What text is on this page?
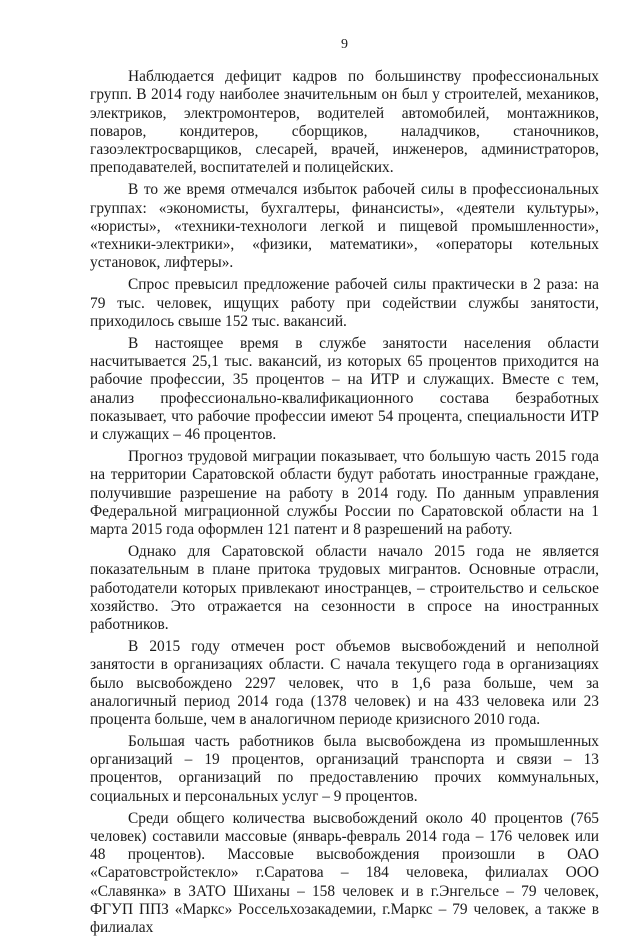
9

Наблюдается дефицит кадров по большинству профессиональных групп. В 2014 году наиболее значительным он был у строителей, механиков, электриков, электромонтеров, водителей автомобилей, монтажников, поваров, кондитеров, сборщиков, наладчиков, станочников, газоэлектросварщиков, слесарей, врачей, инженеров, администраторов, преподавателей, воспитателей и полицейских.

В то же время отмечался избыток рабочей силы в профессиональных группах: «экономисты, бухгалтеры, финансисты», «деятели культуры», «юристы», «техники-технологи легкой и пищевой промышленности», «техники-электрики», «физики, математики», «операторы котельных установок, лифтеры».

Спрос превысил предложение рабочей силы практически в 2 раза: на 79 тыс. человек, ищущих работу при содействии службы занятости, приходилось свыше 152 тыс. вакансий.

В настоящее время в службе занятости населения области насчитывается 25,1 тыс. вакансий, из которых 65 процентов приходится на рабочие профессии, 35 процентов – на ИТР и служащих. Вместе с тем, анализ профессионально-квалификационного состава безработных показывает, что рабочие профессии имеют 54 процента, специальности ИТР и служащих – 46 процентов.

Прогноз трудовой миграции показывает, что большую часть 2015 года на территории Саратовской области будут работать иностранные граждане, получившие разрешение на работу в 2014 году. По данным управления Федеральной миграционной службы России по Саратовской области на 1 марта 2015 года оформлен 121 патент и 8 разрешений на работу.

Однако для Саратовской области начало 2015 года не является показательным в плане притока трудовых мигрантов. Основные отрасли, работодатели которых привлекают иностранцев, – строительство и сельское хозяйство. Это отражается на сезонности в спросе на иностранных работников.

В 2015 году отмечен рост объемов высвобождений и неполной занятости в организациях области. С начала текущего года в организациях было высвобождено 2297 человек, что в 1,6 раза больше, чем за аналогичный период 2014 года (1378 человек) и на 433 человека или 23 процента больше, чем в аналогичном периоде кризисного 2010 года.

Большая часть работников была высвобождена из промышленных организаций – 19 процентов, организаций транспорта и связи – 13 процентов, организаций по предоставлению прочих коммунальных, социальных и персональных услуг – 9 процентов.

Среди общего количества высвобождений около 40 процентов (765 человек) составили массовые (январь-февраль 2014 года – 176 человек или 48 процентов). Массовые высвобождения произошли в ОАО «Саратовстройстекло» г.Саратова – 184 человека, филиалах ООО «Славянка» в ЗАТО Шиханы – 158 человек и в г.Энгельсе – 79 человек, ФГУП ППЗ «Маркс» Россельхозакадемии, г.Маркс – 79 человек, а также в филиалах
